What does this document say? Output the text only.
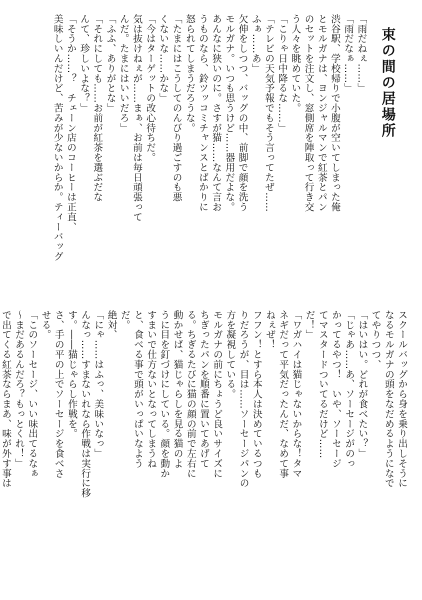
束の間の居場所

「雨だねぇ……」
「雨だなぁ……」
渋谷駅、学校帰りで小腹が空いてしまった俺
とモルガナは、ヨンジャルマンで紅茶とパン
のセットを注文し、窓側席を陣取って行き交
う人々を眺めていた。
「こりゃ日中降るな……」
「テレビの天気予報でもそう言ってたぜ……
ふぁ……あ」
欠伸をしつつ、バッグの中、前脚で顔を洗う
モルガナ。いつも思うけど……器用だよな。
あんなに狭いのに。さすが猫……なんて言お
うものなら、鈴ツッコミチャンスとばかりに
怒られてしまうだろうな。
「たまにはこうしてのんびり過ごすのも悪
くないな……かな」
「今はターゲットの改心待ちだ。
気は抜けねぇが……まぁ、お前は毎日頑張って
んだ。たまにはいいだろ」
「ふふ、ありがとな」
「それにしても……お前が紅茶を選ぶだな
んて、珍しいよな？」
「そうか……？　チェーン店のコーヒーは正直、
美味しいんだけど、苦みが少ないからか。ティーバッグ
スクールバッグから身を乗り出しそうに
なるモルガナの頭をなだめるようになで
てやりつつ、
「はいはい。どれが食べたい？」
「じゃあ……あ、ソーセージがのっ
かってるやつ！　いや、ソーセージ
てマスタードついてるだけど……
だ！」
「ワガハイは猫じゃないからな！タマ
ネギだって平気だったんだ、なめて事
ねぇぜ！
フフン！とすら本人は決めているつも
りだろうが、目は……ソーセージパンの
方を凝視している。
モルガナの前にちょうど良いサイズに
ちぎったパンを順番に置いてあげて
る。ちぎるたびに猫の顔の前で左右に
動かせば、猫じゃらしを見る猫のよ
うに目を釘づけにしている。顔を動か
すまいで仕方ないとなってしまうね
と、食べる事で頭がいっぱいなよう
だ。
絶対、
「にゃ……はふっ、美味いなっ」
んなっ……すまないれなら作戦は実行に移
す。――猫じゃらし作戦を。
さ、手の平の上でソーセージを食べさ
せる。
「このソーセージ、いい味出てるなぁ
〜まだあるんだろ？もっとくれ！」
で出てくる紅茶ならまあ、味が外す事は
